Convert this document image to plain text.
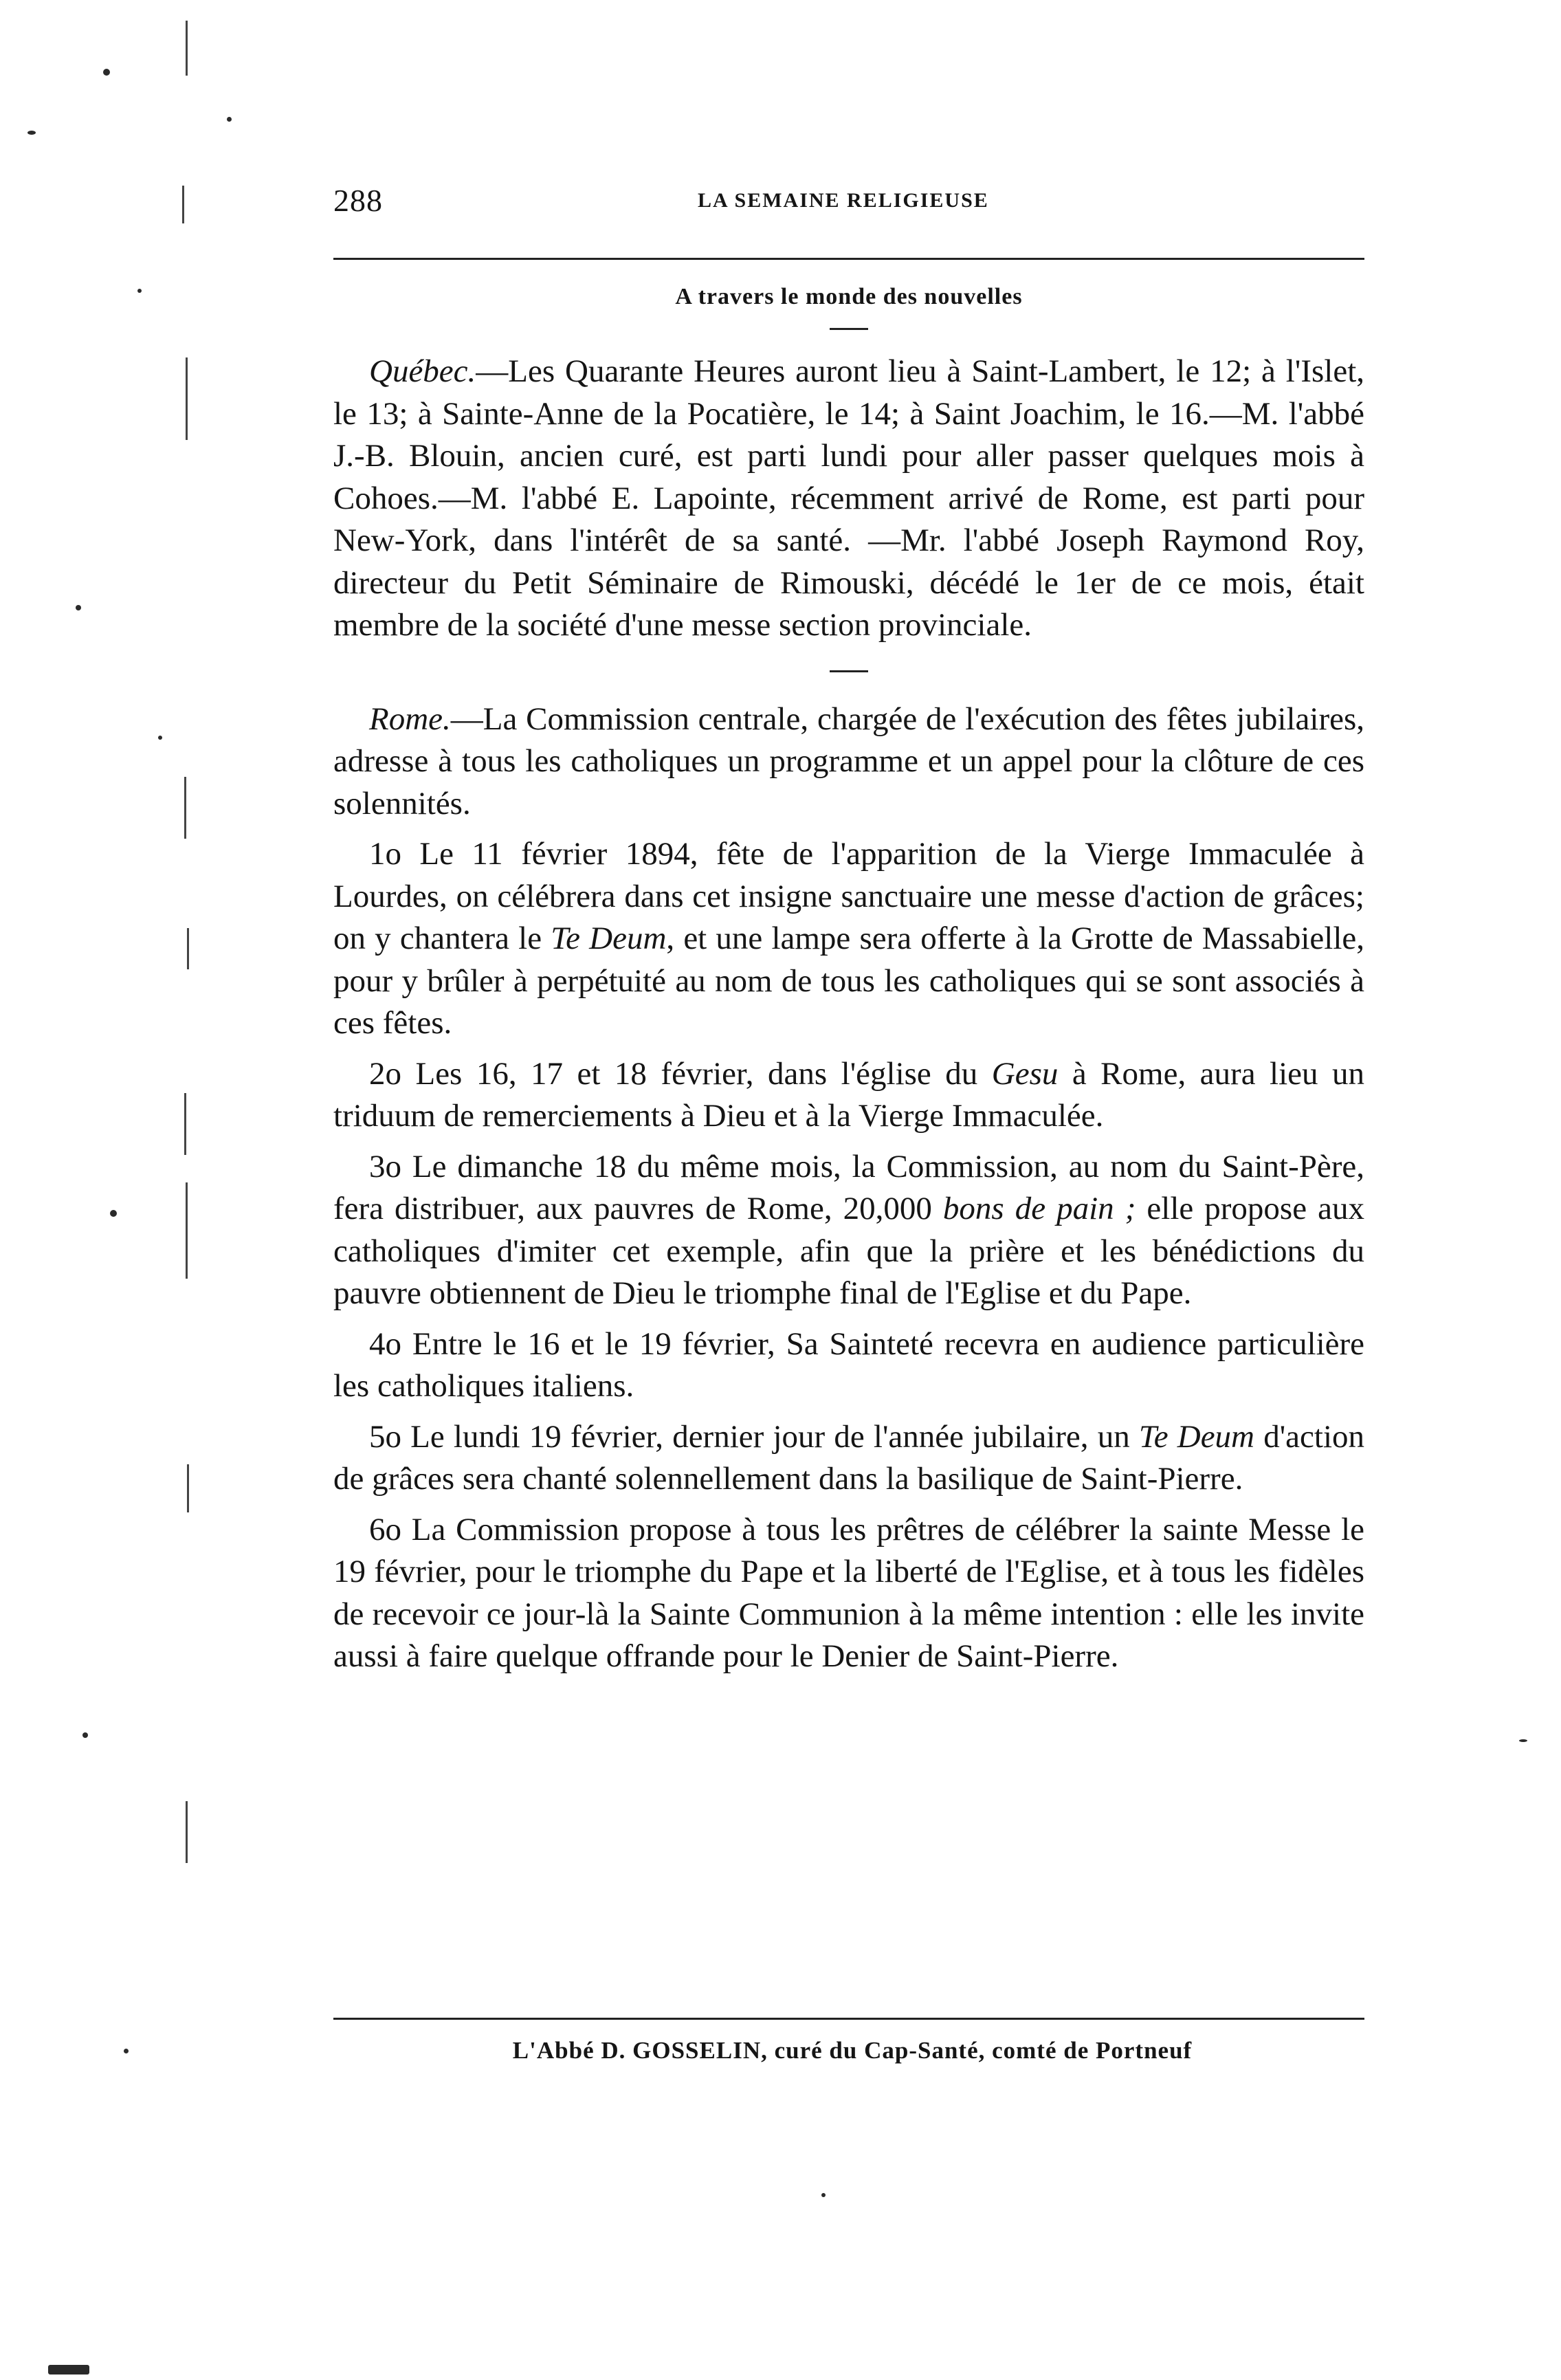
288	LA SEMAINE RELIGIEUSE
A travers le monde des nouvelles

Québec.—Les Quarante Heures auront lieu à Saint-Lambert, le 12; à l'Islet, le 13; à Sainte-Anne de la Pocatière, le 14; à Saint Joachim, le 16.—M. l'abbé J.-B. Blouin, ancien curé, est parti lundi pour aller passer quelques mois à Cohoes.—M. l'abbé E. Lapointe, récemment arrivé de Rome, est parti pour New-York, dans l'intérêt de sa santé. —Mr. l'abbé Joseph Raymond Roy, directeur du Petit Séminaire de Rimouski, décédé le 1er de ce mois, était membre de la société d'une messe section provinciale.

Rome.—La Commission centrale, chargée de l'exécution des fêtes jubilaires, adresse à tous les catholiques un programme et un appel pour la clôture de ces solennités.

1o Le 11 février 1894, fête de l'apparition de la Vierge Immaculée à Lourdes, on célébrera dans cet insigne sanctuaire une messe d'action de grâces; on y chantera le Te Deum, et une lampe sera offerte à la Grotte de Massabielle, pour y brûler à perpétuité au nom de tous les catholiques qui se sont associés à ces fêtes.

2o Les 16, 17 et 18 février, dans l'église du Gesu à Rome, aura lieu un triduum de remerciements à Dieu et à la Vierge Immaculée.

3o Le dimanche 18 du même mois, la Commission, au nom du Saint-Père, fera distribuer, aux pauvres de Rome, 20,000 bons de pain ; elle propose aux catholiques d'imiter cet exemple, afin que la prière et les bénédictions du pauvre obtiennent de Dieu le triomphe final de l'Eglise et du Pape.

4o Entre le 16 et le 19 février, Sa Sainteté recevra en audience particulière les catholiques italiens.

5o Le lundi 19 février, dernier jour de l'année jubilaire, un Te Deum d'action de grâces sera chanté solennellement dans la basilique de Saint-Pierre.

6o La Commission propose à tous les prêtres de célébrer la sainte Messe le 19 février, pour le triomphe du Pape et la liberté de l'Eglise, et à tous les fidèles de recevoir ce jour-là la Sainte Communion à la même intention : elle les invite aussi à faire quelque offrande pour le Denier de Saint-Pierre.

L'Abbé D. GOSSELIN, curé du Cap-Santé, comté de Portneuf
